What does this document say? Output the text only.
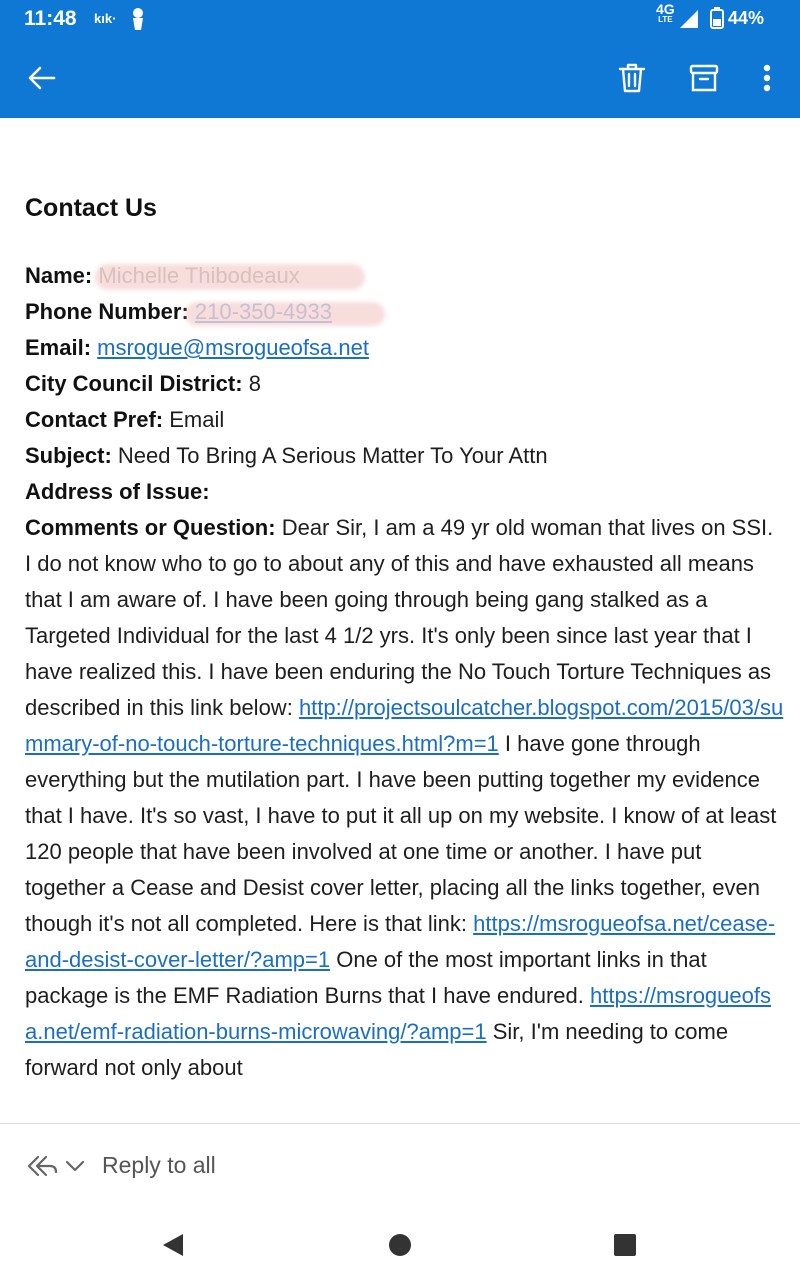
11:48 kık·
4G
LTE	44%
Contact Us
Name: Michelle Thibodeaux
Phone Number: 210-350-4933
Email: msrogue@msrogueofsa.net
City Council District: 8
Contact Pref: Email
Subject: Need To Bring A Serious Matter To Your Attn
Address of Issue:
Comments or Question: Dear Sir, I am a 49 yr old woman that lives on SSI. I do not know who to go to about any of this and have exhausted all means that I am aware of. I have been going through being gang stalked as a Targeted Individual for the last 4 1/2 yrs. It's only been since last year that I have realized this. I have been enduring the No Touch Torture Techniques as described in this link below: http://projectsoulcatcher.blogspot.com/2015/03/summary-of-no-touch-torture-techniques.html?m=1 I have gone through everything but the mutilation part. I have been putting together my evidence that I have. It's so vast, I have to put it all up on my website. I know of at least 120 people that have been involved at one time or another. I have put together a Cease and Desist cover letter, placing all the links together, even though it's not all completed. Here is that link: https://msrogueofsa.net/cease-and-desist-cover-letter/?amp=1 One of the most important links in that package is the EMF Radiation Burns that I have endured. https://msrogueofsa.net/emf-radiation-burns-microwaving/?amp=1 Sir, I'm needing to come forward not only about
Reply to all
